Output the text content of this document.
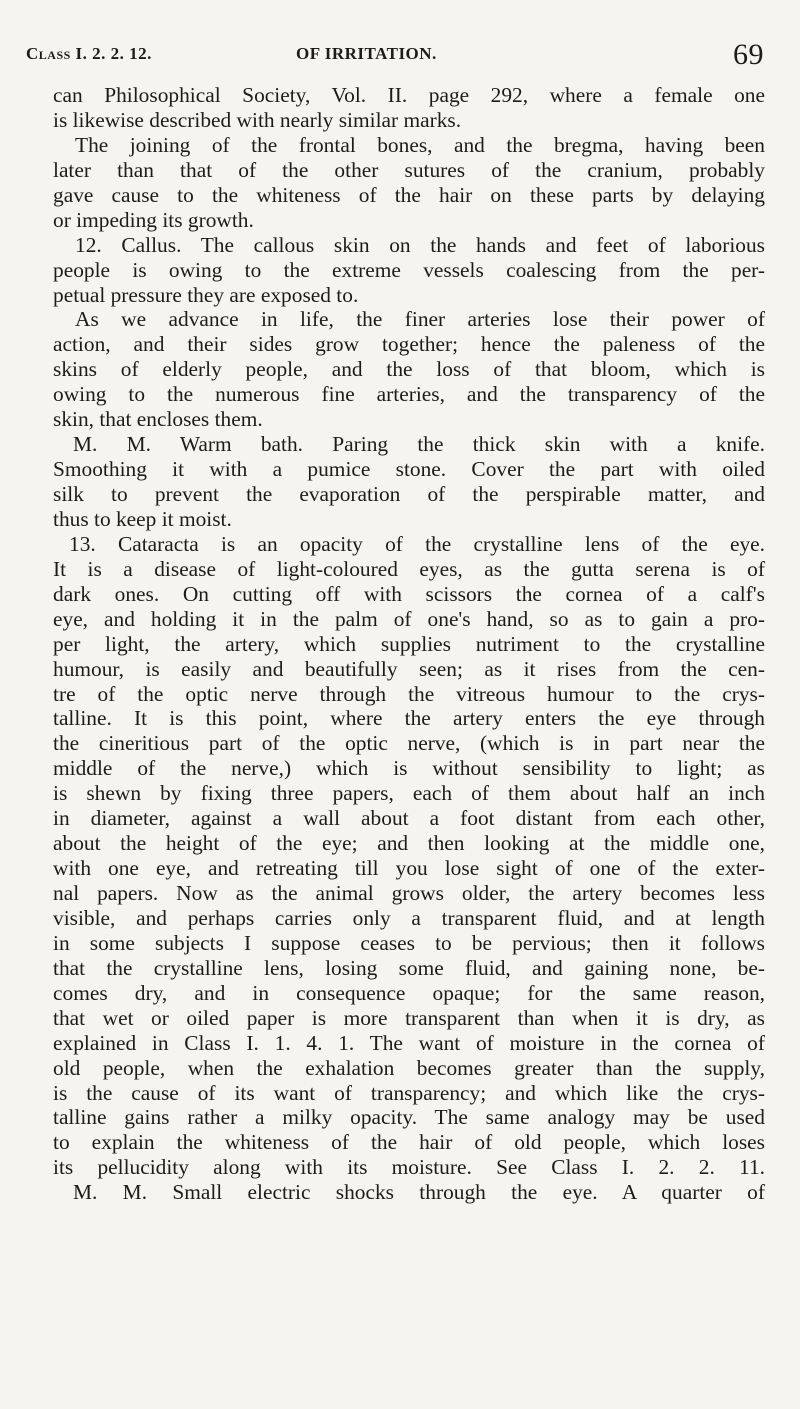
Class I. 2. 2. 12.	OF IRRITATION.	69
can Philosophical Society, Vol. II. page 292, where a female one
is likewise described with nearly similar marks.
The joining of the frontal bones, and the bregma, having been
later than that of the other sutures of the cranium, probably
gave cause to the whiteness of the hair on these parts by delaying
or impeding its growth.
12. Callus. The callous skin on the hands and feet of laborious
people is owing to the extreme vessels coalescing from the per-
petual pressure they are exposed to.
As we advance in life, the finer arteries lose their power of
action, and their sides grow together; hence the paleness of the
skins of elderly people, and the loss of that bloom, which is
owing to the numerous fine arteries, and the transparency of the
skin, that encloses them.
M. M. Warm bath. Paring the thick skin with a knife.
Smoothing it with a pumice stone. Cover the part with oiled
silk to prevent the evaporation of the perspirable matter, and
thus to keep it moist.
13. Cataracta is an opacity of the crystalline lens of the eye.
It is a disease of light-coloured eyes, as the gutta serena is of
dark ones. On cutting off with scissors the cornea of a calf's
eye, and holding it in the palm of one's hand, so as to gain a pro-
per light, the artery, which supplies nutriment to the crystalline
humour, is easily and beautifully seen; as it rises from the cen-
tre of the optic nerve through the vitreous humour to the crys-
talline. It is this point, where the artery enters the eye through
the cineritious part of the optic nerve, (which is in part near the
middle of the nerve,) which is without sensibility to light; as
is shewn by fixing three papers, each of them about half an inch
in diameter, against a wall about a foot distant from each other,
about the height of the eye; and then looking at the middle one,
with one eye, and retreating till you lose sight of one of the exter-
nal papers. Now as the animal grows older, the artery becomes less
visible, and perhaps carries only a transparent fluid, and at length
in some subjects I suppose ceases to be pervious; then it follows
that the crystalline lens, losing some fluid, and gaining none, be-
comes dry, and in consequence opaque; for the same reason,
that wet or oiled paper is more transparent than when it is dry, as
explained in Class I. 1. 4. 1. The want of moisture in the cornea of
old people, when the exhalation becomes greater than the supply,
is the cause of its want of transparency; and which like the crys-
talline gains rather a milky opacity. The same analogy may be used
to explain the whiteness of the hair of old people, which loses
its pellucidity along with its moisture. See Class I. 2. 2. 11.
M. M. Small electric shocks through the eye. A quarter of
